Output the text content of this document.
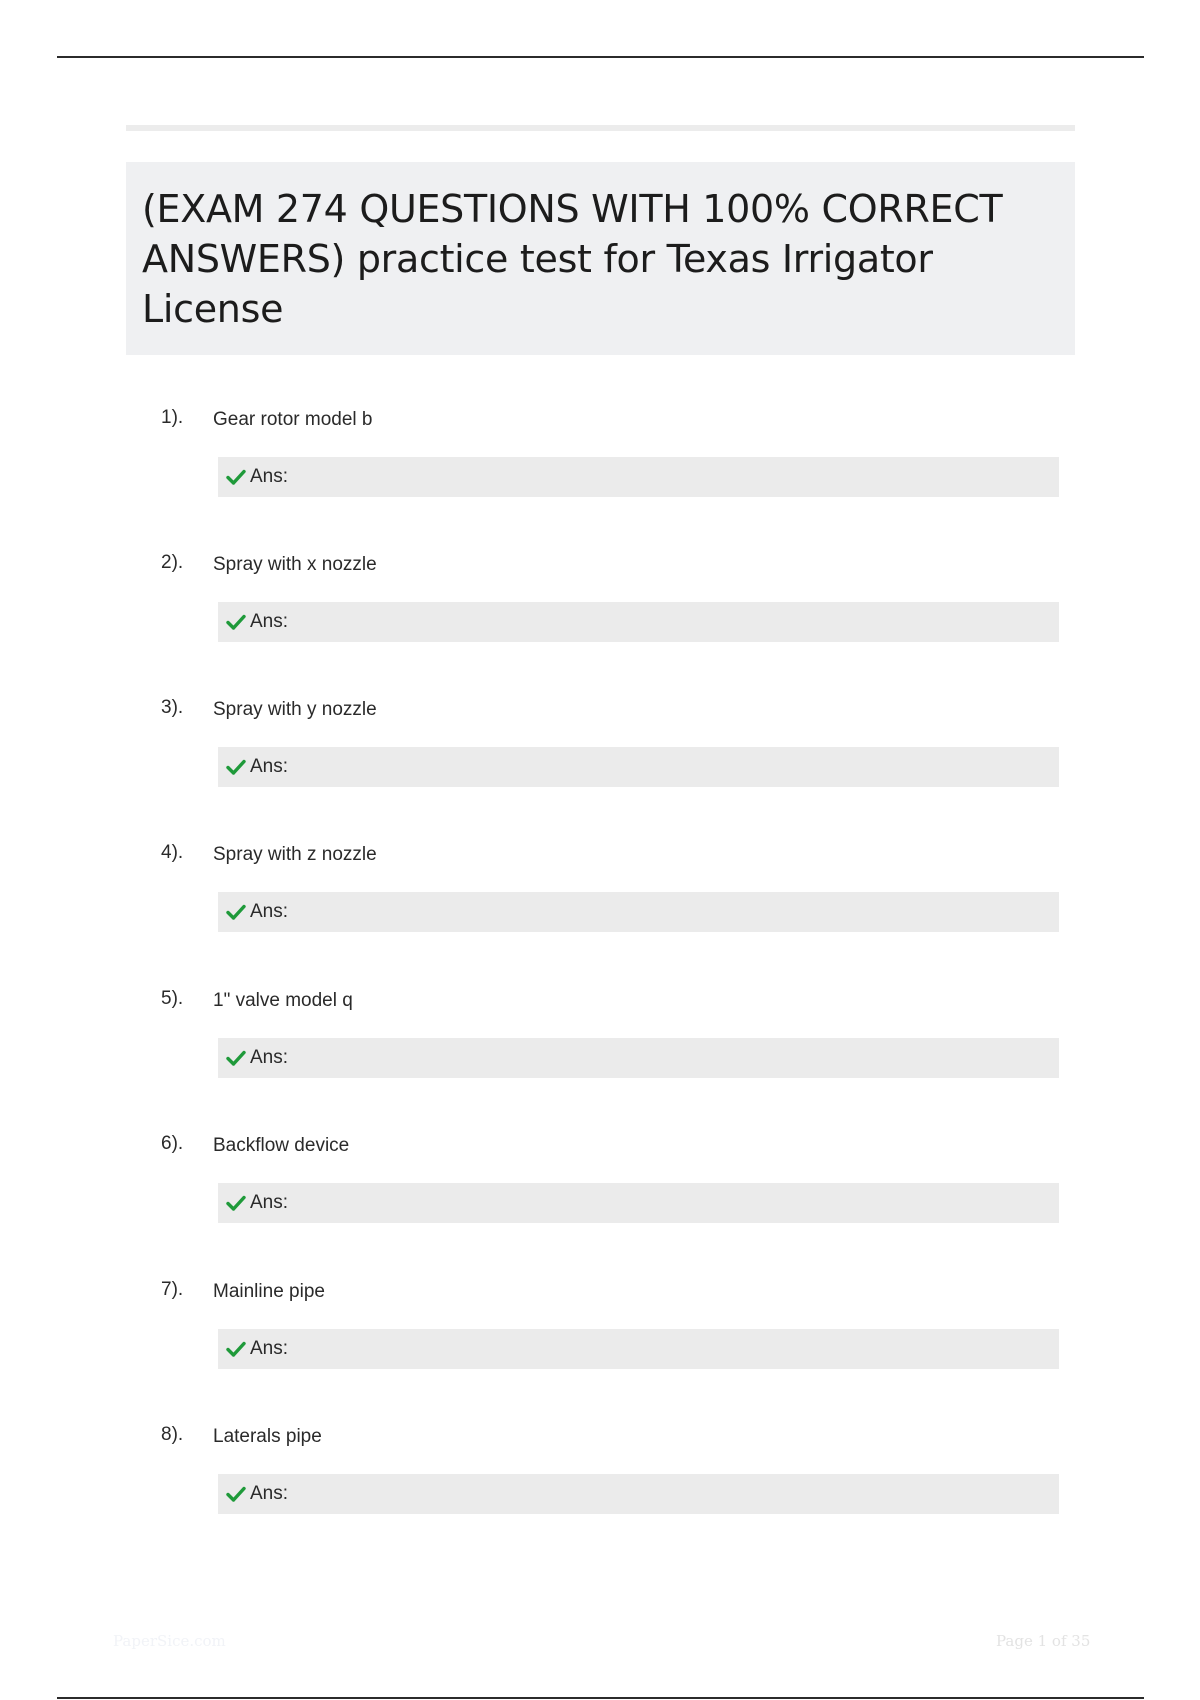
(EXAM 274 QUESTIONS WITH 100% CORRECT ANSWERS) practice test for Texas Irrigator License
1). Gear rotor model b
Ans:
2). Spray with x nozzle
Ans:
3). Spray with y nozzle
Ans:
4). Spray with z nozzle
Ans:
5). 1" valve model q
Ans:
6). Backflow device
Ans:
7). Mainline pipe
Ans:
8). Laterals pipe
Ans:
PaperSice.com	Page 1 of 35
